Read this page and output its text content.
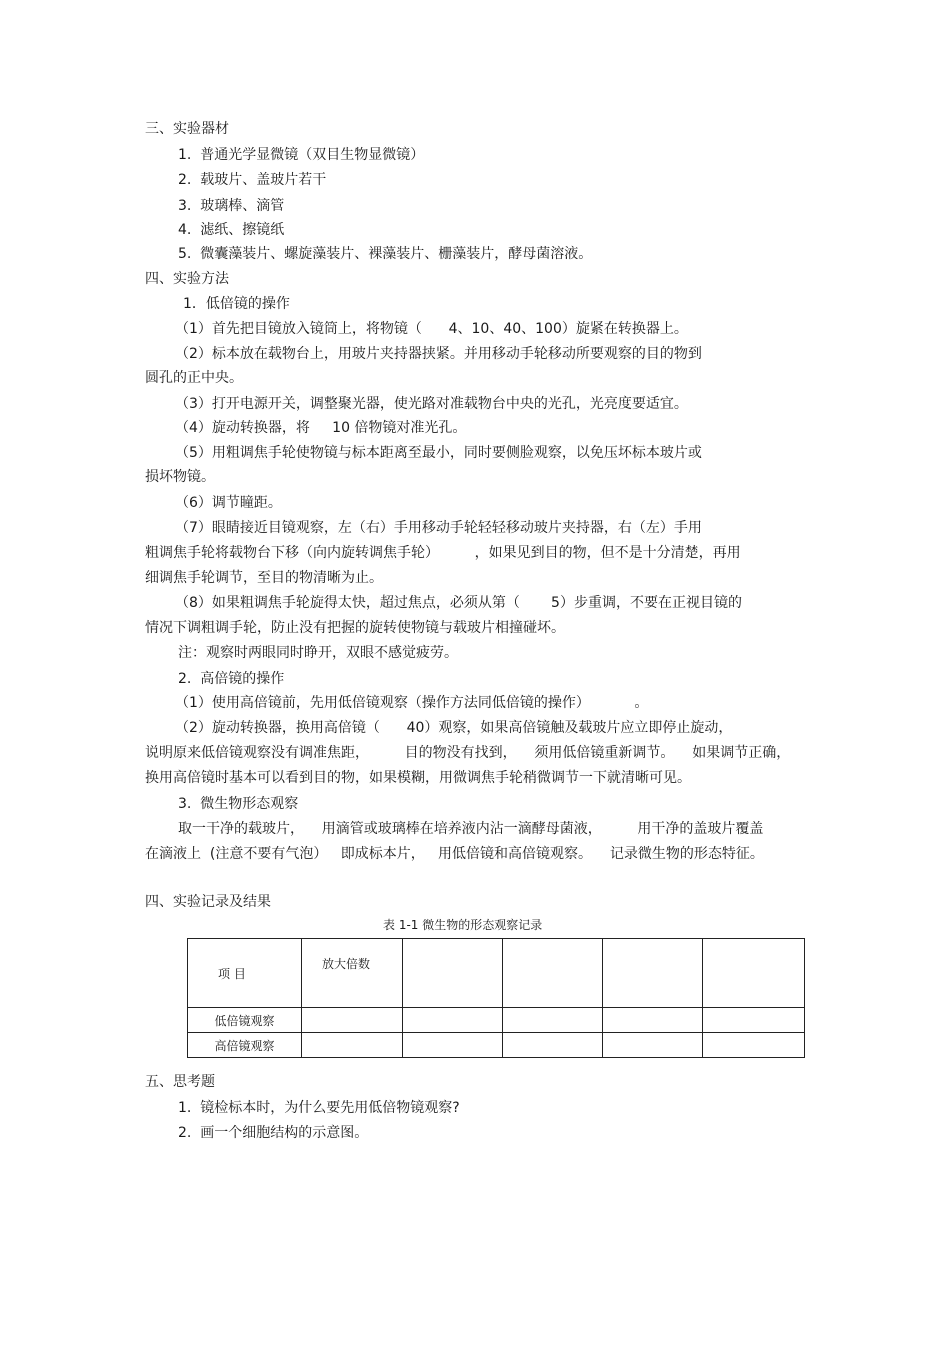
三、实验器材
1.  普通光学显微镜（双目生物显微镜）
2.  载玻片、盖玻片若干
3.  玻璃棒、滴管
4.  滤纸、擦镜纸
5.  微囊藻装片、螺旋藻装片、裸藻装片、栅藻装片，酵母菌溶液。
四、实验方法
1．低倍镜的操作
（1）首先把目镜放入镜筒上，将物镜（      4、10、40、100）旋紧在转换器上。
（2）标本放在载物台上，用玻片夹持器挟紧。并用移动手轮移动所要观察的目的物到
圆孔的正中央。
（3）打开电源开关，调整聚光器，使光路对准载物台中央的光孔，光亮度要适宜。
（4）旋动转换器，将     10 倍物镜对准光孔。
（5）用粗调焦手轮使物镜与标本距离至最小，同时要侧脸观察，以免压坏标本玻片或
损坏物镜。
（6）调节瞳距。
（7）眼睛接近目镜观察，左（右）手用移动手轮轻轻移动玻片夹持器，右（左）手用
粗调焦手轮将载物台下移（向内旋转调焦手轮）        ，如果见到目的物，但不是十分清楚，再用
细调焦手轮调节，至目的物清晰为止。
（8）如果粗调焦手轮旋得太快，超过焦点，必须从第（       5）步重调，不要在正视目镜的
情况下调粗调手轮，防止没有把握的旋转使物镜与载玻片相撞碰坏。
注：观察时两眼同时睁开，双眼不感觉疲劳。
2.  高倍镜的操作
（1）使用高倍镜前，先用低倍镜观察（操作方法同低倍镜的操作）          。
（2）旋动转换器，换用高倍镜（      40）观察，如果高倍镜触及载玻片应立即停止旋动，
说明原来低倍镜观察没有调准焦距，        目的物没有找到，    须用低倍镜重新调节。    如果调节正确，
换用高倍镜时基本可以看到目的物，如果模糊，用微调焦手轮稍微调节一下就清晰可见。
3.  微生物形态观察
取一干净的载玻片，    用滴管或玻璃棒在培养液内沾一滴酵母菌液，        用干净的盖玻片覆盖
在滴液上  (注意不要有气泡）   即成标本片，   用低倍镜和高倍镜观察。    记录微生物的形态特征。
四、实验记录及结果
表 1-1 微生物的形态观察记录
项 目	放大倍数				
低倍镜观察					
高倍镜观察					
五、思考题
1.  镜检标本时，为什么要先用低倍物镜观察?
2.  画一个细胞结构的示意图。
